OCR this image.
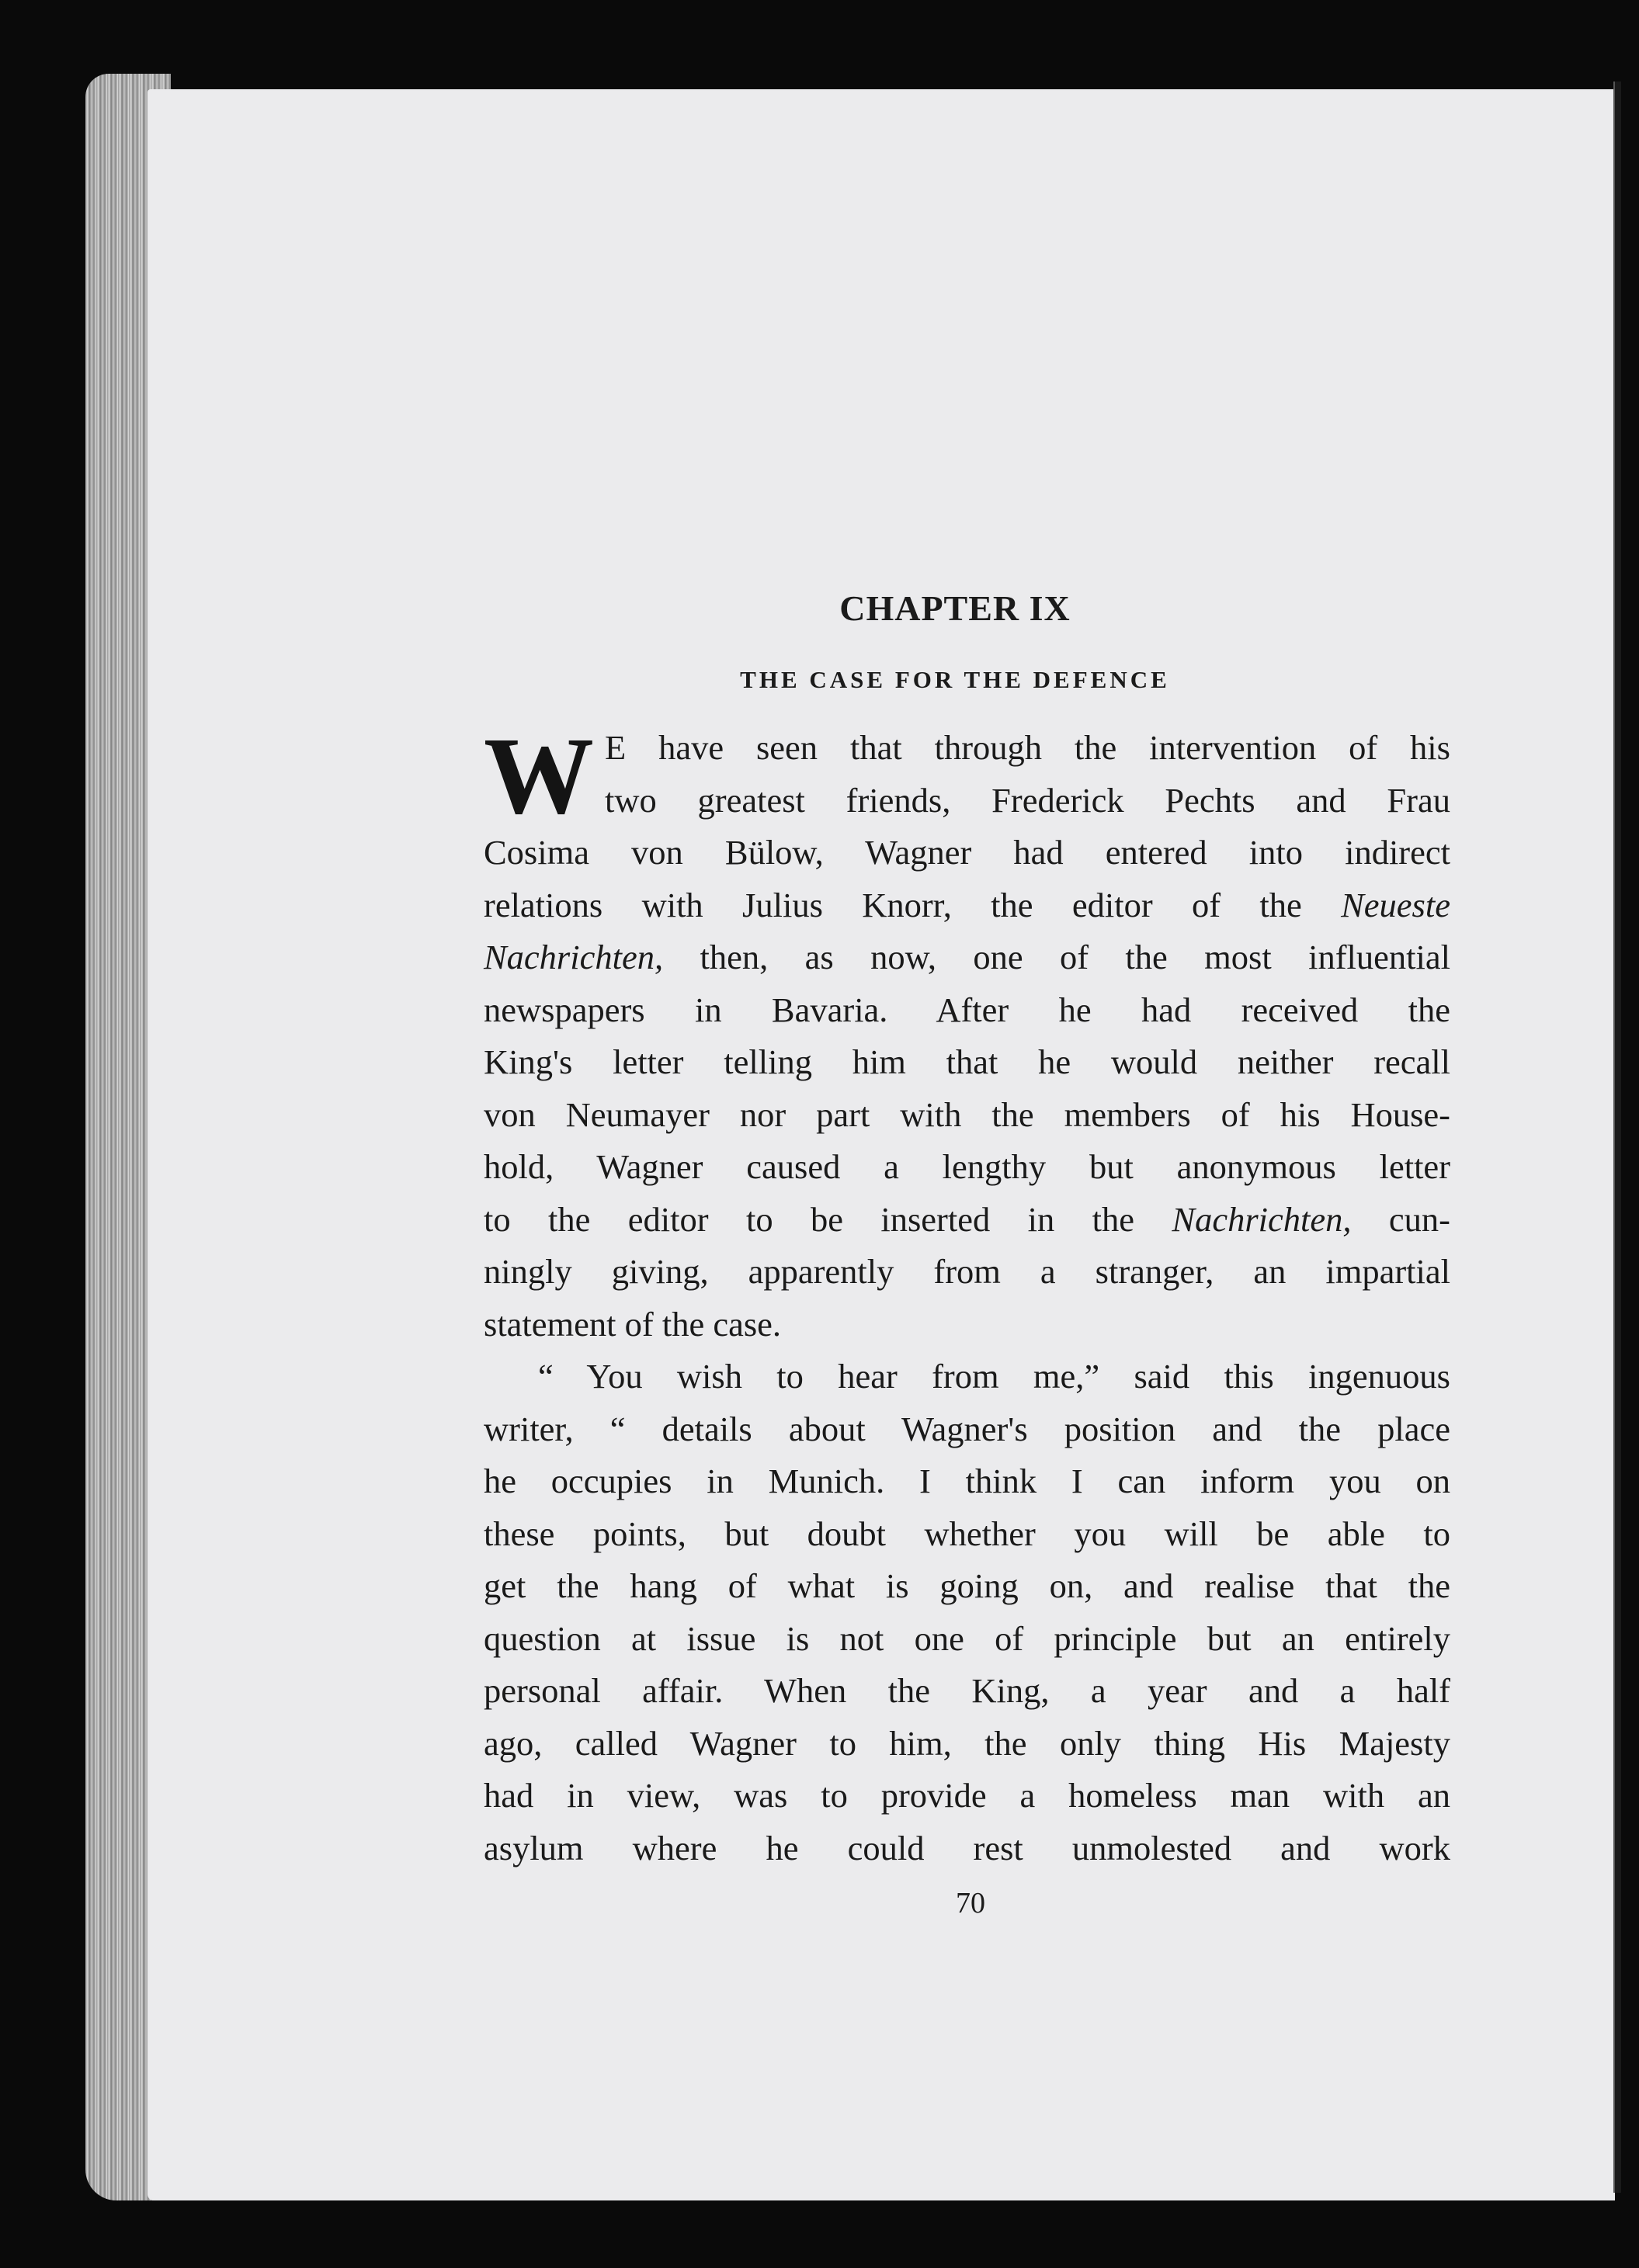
CHAPTER IX
THE CASE FOR THE DEFENCE
W E have seen that through the intervention of his
two greatest friends, Frederick Pechts and Frau
Cosima von Bülow, Wagner had entered into indirect
relations with Julius Knorr, the editor of the Neueste
Nachrichten, then, as now, one of the most influential
newspapers in Bavaria. After he had received the
King's letter telling him that he would neither recall
von Neumayer nor part with the members of his House-
hold, Wagner caused a lengthy but anonymous letter
to the editor to be inserted in the Nachrichten, cun-
ningly giving, apparently from a stranger, an impartial
statement of the case.
“ You wish to hear from me,” said this ingenuous
writer, “ details about Wagner's position and the place
he occupies in Munich. I think I can inform you on
these points, but doubt whether you will be able to
get the hang of what is going on, and realise that the
question at issue is not one of principle but an entirely
personal affair. When the King, a year and a half
ago, called Wagner to him, the only thing His Majesty
had in view, was to provide a homeless man with an
asylum where he could rest unmolested and work
70
